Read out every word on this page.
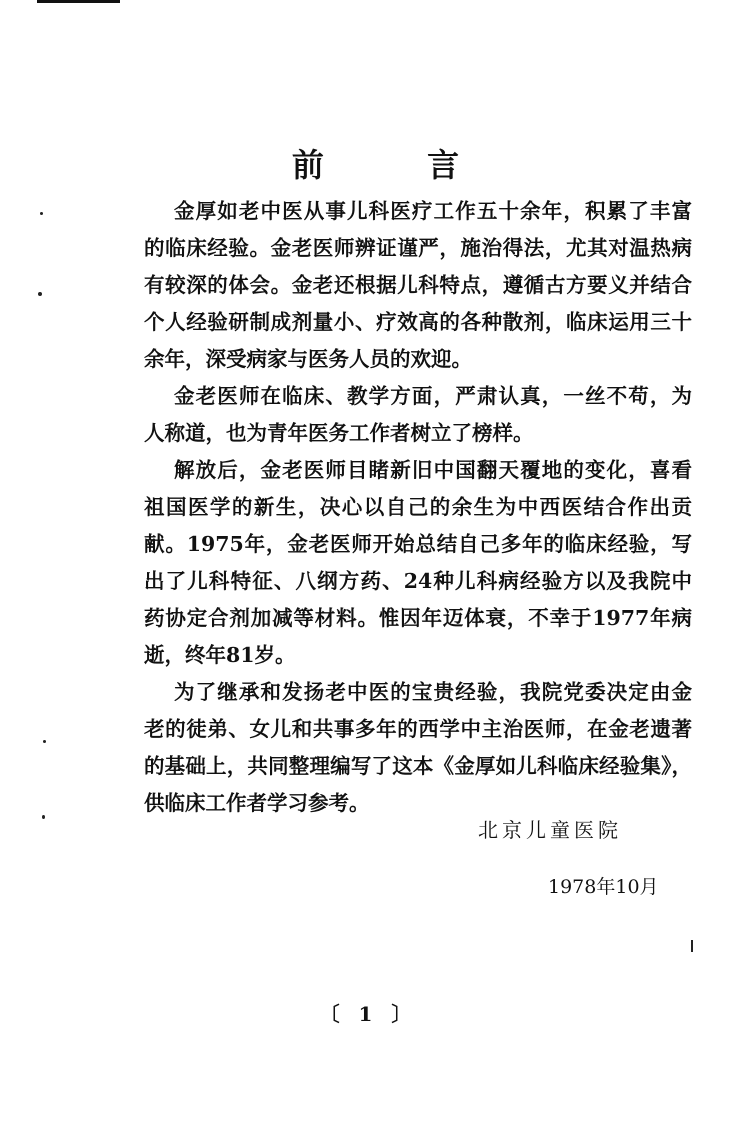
前 言
金厚如老中医从事儿科医疗工作五十余年，积累了丰富
的临床经验。金老医师辨证谨严，施治得法，尤其对温热病
有较深的体会。金老还根据儿科特点，遵循古方要义并结合
个人经验研制成剂量小、疗效高的各种散剂，临床运用三十
余年，深受病家与医务人员的欢迎。
金老医师在临床、教学方面，严肃认真，一丝不苟，为
人称道，也为青年医务工作者树立了榜样。
解放后，金老医师目睹新旧中国翻天覆地的变化，喜看
祖国医学的新生，决心以自己的余生为中西医结合作出贡
献。1975年，金老医师开始总结自己多年的临床经验，写
出了儿科特征、八纲方药、24种儿科病经验方以及我院中
药协定合剂加减等材料。惟因年迈体衰，不幸于1977年病
逝，终年81岁。
为了继承和发扬老中医的宝贵经验，我院党委决定由金
老的徒弟、女儿和共事多年的西学中主治医师，在金老遗著
的基础上，共同整理编写了这本《金厚如儿科临床经验集》，
供临床工作者学习参考。
北京儿童医院
1978年10月
〔 1 〕
